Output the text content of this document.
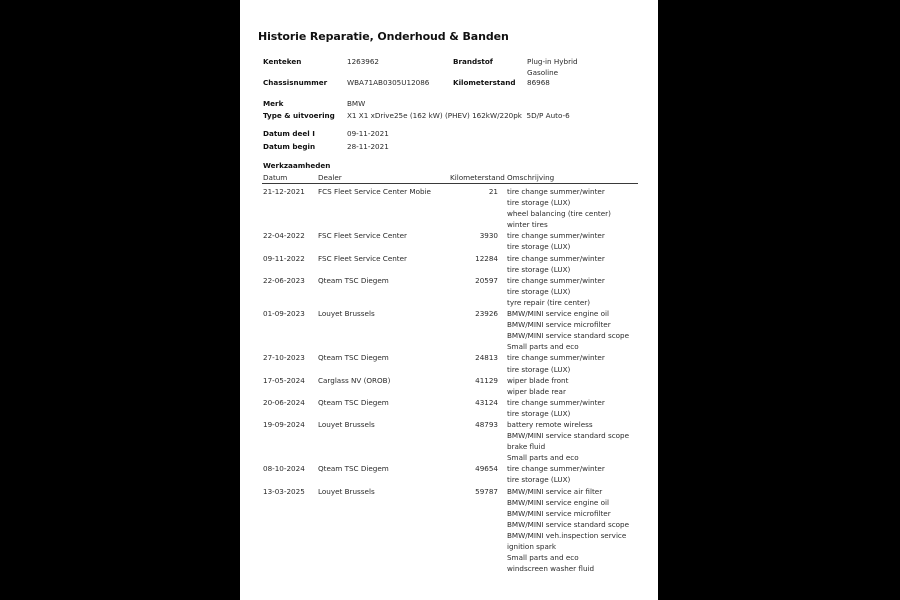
Historie Reparatie, Onderhoud & Banden
Kenteken	1263962	Brandstof	Plug-in Hybrid Gasoline
Chassisnummer	WBA71AB0305U12086	Kilometerstand 86968
Merk	BMW
Type & uitvoering X1 X1 xDrive25e (162 kW) (PHEV) 162kW/220pk  5D/P Auto-6
Datum deel I	09-11-2021
Datum begin	28-11-2021
Werkzaamheden
Datum	Dealer	Kilometerstand Omschrijving
21-12-2021	FCS Fleet Service Center Mobie	21 tire change summer/winter
tire storage (LUX)
wheel balancing (tire center)
winter tires
22-04-2022	FSC Fleet Service Center	3930 tire change summer/winter
tire storage (LUX)
09-11-2022	FSC Fleet Service Center	12284 tire change summer/winter
tire storage (LUX)
22-06-2023	Qteam TSC Diegem	20597 tire change summer/winter
tire storage (LUX)
tyre repair (tire center)
01-09-2023	Louyet Brussels	23926 BMW/MINI service engine oil
BMW/MINI service microfilter
BMW/MINI service standard scope
Small parts and eco
27-10-2023	Qteam TSC Diegem	24813 tire change summer/winter
tire storage (LUX)
17-05-2024	Carglass NV (OROB)	41129 wiper blade front
wiper blade rear
20-06-2024	Qteam TSC Diegem	43124 tire change summer/winter
tire storage (LUX)
19-09-2024	Louyet Brussels	48793 battery remote wireless
BMW/MINI service standard scope
brake fluid
Small parts and eco
08-10-2024	Qteam TSC Diegem	49654 tire change summer/winter
tire storage (LUX)
13-03-2025	Louyet Brussels	59787 BMW/MINI service air filter
BMW/MINI service engine oil
BMW/MINI service microfilter
BMW/MINI service standard scope
BMW/MINI veh.inspection service
ignition spark
Small parts and eco
windscreen washer fluid
